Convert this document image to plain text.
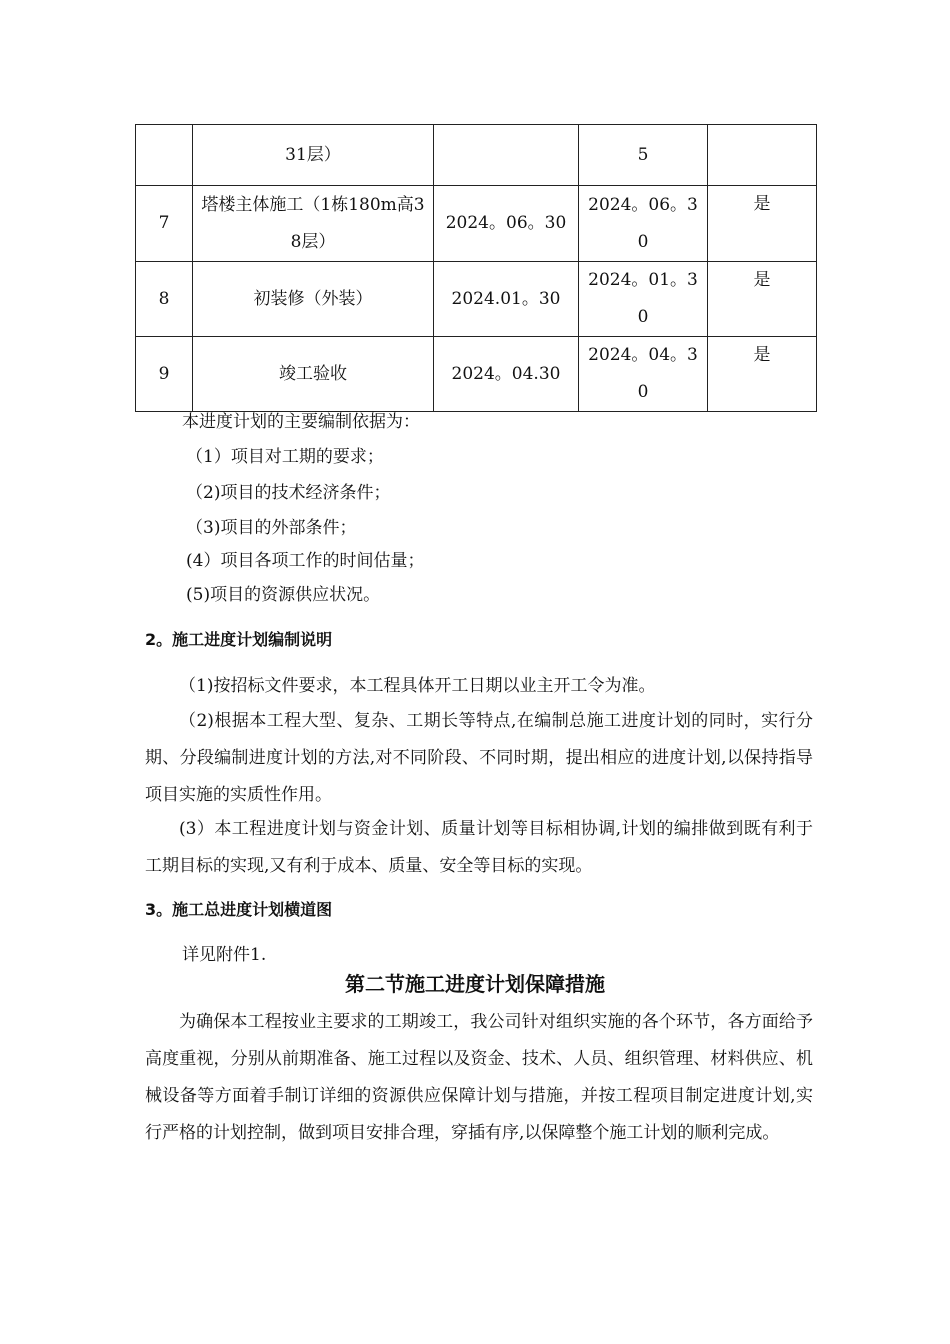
	31层）		5	
7	塔楼主体施工（1栋180m高38层）	2024。06。30	2024。06。30	是
8	初装修（外装）	2024.01。30	2024。01。30	是
9	竣工验收	2024。04.30	2024。04。30	是
本进度计划的主要编制依据为：
（1）项目对工期的要求；
（2)项目的技术经济条件；
（3)项目的外部条件；
(4）项目各项工作的时间估量；
(5)项目的资源供应状况。
2。施工进度计划编制说明
（1)按招标文件要求，本工程具体开工日期以业主开工令为准。
（2)根据本工程大型、复杂、工期长等特点,在编制总施工进度计划的同时，实行分期、分段编制进度计划的方法,对不同阶段、不同时期，提出相应的进度计划,以保持指导项目实施的实质性作用。
(3）本工程进度计划与资金计划、质量计划等目标相协调,计划的编排做到既有利于工期目标的实现,又有利于成本、质量、安全等目标的实现。
3。施工总进度计划横道图
详见附件1.
第二节施工进度计划保障措施
为确保本工程按业主要求的工期竣工，我公司针对组织实施的各个环节，各方面给予高度重视，分别从前期准备、施工过程以及资金、技术、人员、组织管理、材料供应、机械设备等方面着手制订详细的资源供应保障计划与措施，并按工程项目制定进度计划,实行严格的计划控制，做到项目安排合理，穿插有序,以保障整个施工计划的顺利完成。
